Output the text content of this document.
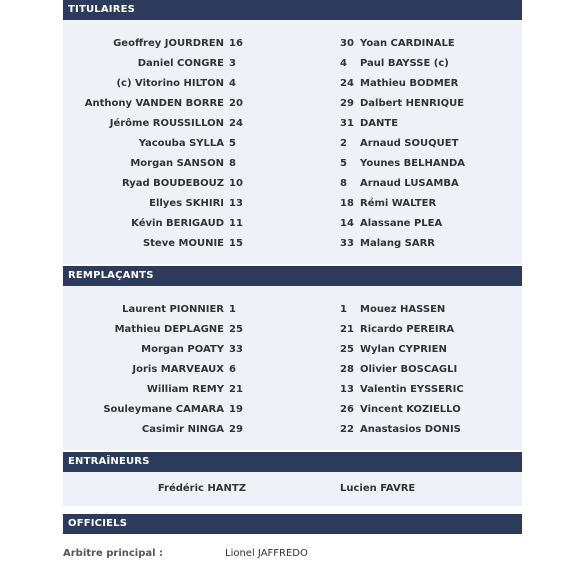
TITULAIRES
Geoffrey JOURDREN 16	30 Yoan CARDINALE
Daniel CONGRE 3	4	Paul BAYSSE (c)
(c) Vitorino HILTON 4	24 Mathieu BODMER
Anthony VANDEN BORRE 20	29 Dalbert HENRIQUE
Jérôme ROUSSILLON 24	31 DANTE
Yacouba SYLLA 5	2	Arnaud SOUQUET
Morgan SANSON 8	5	Younes BELHANDA
Ryad BOUDEBOUZ 10	8	Arnaud LUSAMBA
Ellyes SKHIRI 13	18 Rémi WALTER
Kévin BERIGAUD 11	14 Alassane PLEA
Steve MOUNIE 15	33 Malang SARR
REMPLAÇANTS
Laurent PIONNIER 1	1	Mouez HASSEN
Mathieu DEPLAGNE 25	21 Ricardo PEREIRA
Morgan POATY 33	25 Wylan CYPRIEN
Joris MARVEAUX 6	28 Olivier BOSCAGLI
William REMY 21	13 Valentin EYSSERIC
Souleymane CAMARA 19	26 Vincent KOZIELLO
Casimir NINGA 29	22 Anastasios DONIS
ENTRAÎNEURS
Frédéric HANTZ	Lucien FAVRE
OFFICIELS
Arbitre principal :	Lionel JAFFREDO
